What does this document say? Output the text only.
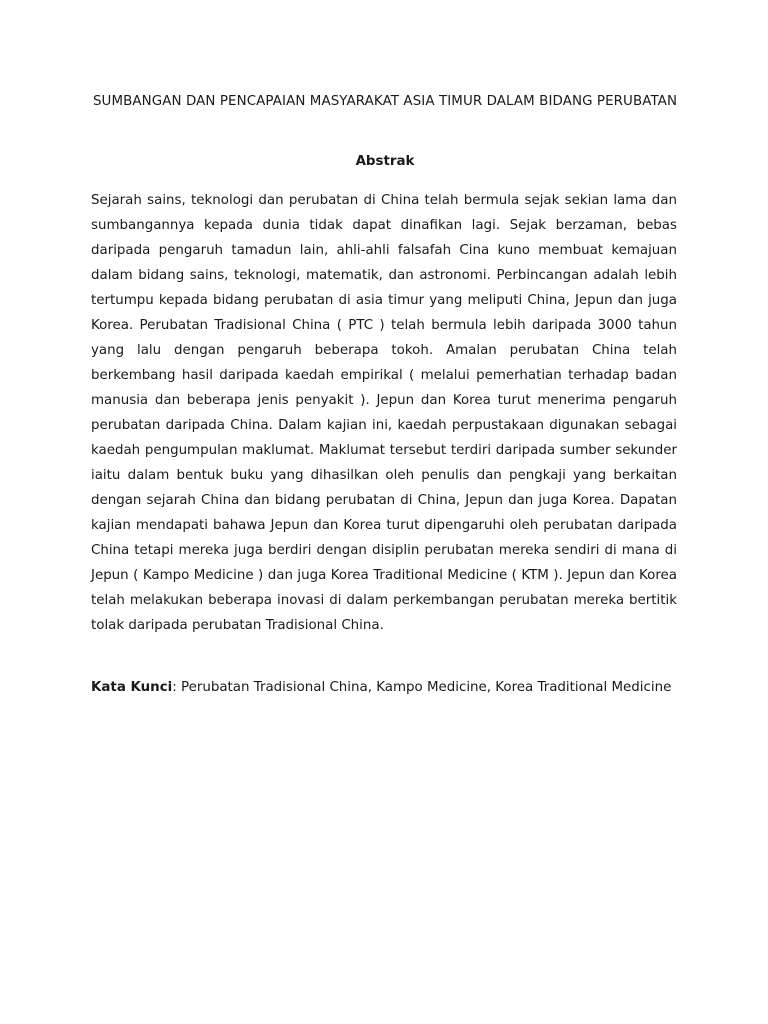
SUMBANGAN DAN PENCAPAIAN MASYARAKAT ASIA TIMUR DALAM BIDANG PERUBATAN
Abstrak

Sejarah sains, teknologi dan perubatan di China telah bermula sejak sekian lama dan sumbangannya kepada dunia tidak dapat dinafikan lagi. Sejak berzaman, bebas daripada pengaruh tamadun lain, ahli-ahli falsafah Cina kuno membuat kemajuan dalam bidang sains, teknologi, matematik, dan astronomi. Perbincangan adalah lebih tertumpu kepada bidang perubatan di asia timur yang meliputi China, Jepun dan juga Korea. Perubatan Tradisional China ( PTC ) telah bermula lebih daripada 3000 tahun yang lalu dengan pengaruh beberapa tokoh. Amalan perubatan China telah berkembang hasil daripada kaedah empirikal ( melalui pemerhatian terhadap badan manusia dan beberapa jenis penyakit ). Jepun dan Korea turut menerima pengaruh perubatan daripada China. Dalam kajian ini, kaedah perpustakaan digunakan sebagai kaedah pengumpulan maklumat. Maklumat tersebut terdiri daripada sumber sekunder iaitu dalam bentuk buku yang dihasilkan oleh penulis dan pengkaji yang berkaitan dengan sejarah China dan bidang perubatan di China, Jepun dan juga Korea. Dapatan kajian mendapati bahawa Jepun dan Korea turut dipengaruhi oleh perubatan daripada China tetapi mereka juga berdiri dengan disiplin perubatan mereka sendiri di mana di Jepun ( Kampo Medicine ) dan juga Korea Traditional Medicine ( KTM ). Jepun dan Korea telah melakukan beberapa inovasi di dalam perkembangan perubatan mereka bertitik tolak daripada perubatan Tradisional China.

Kata Kunci: Perubatan Tradisional China, Kampo Medicine, Korea Traditional Medicine
